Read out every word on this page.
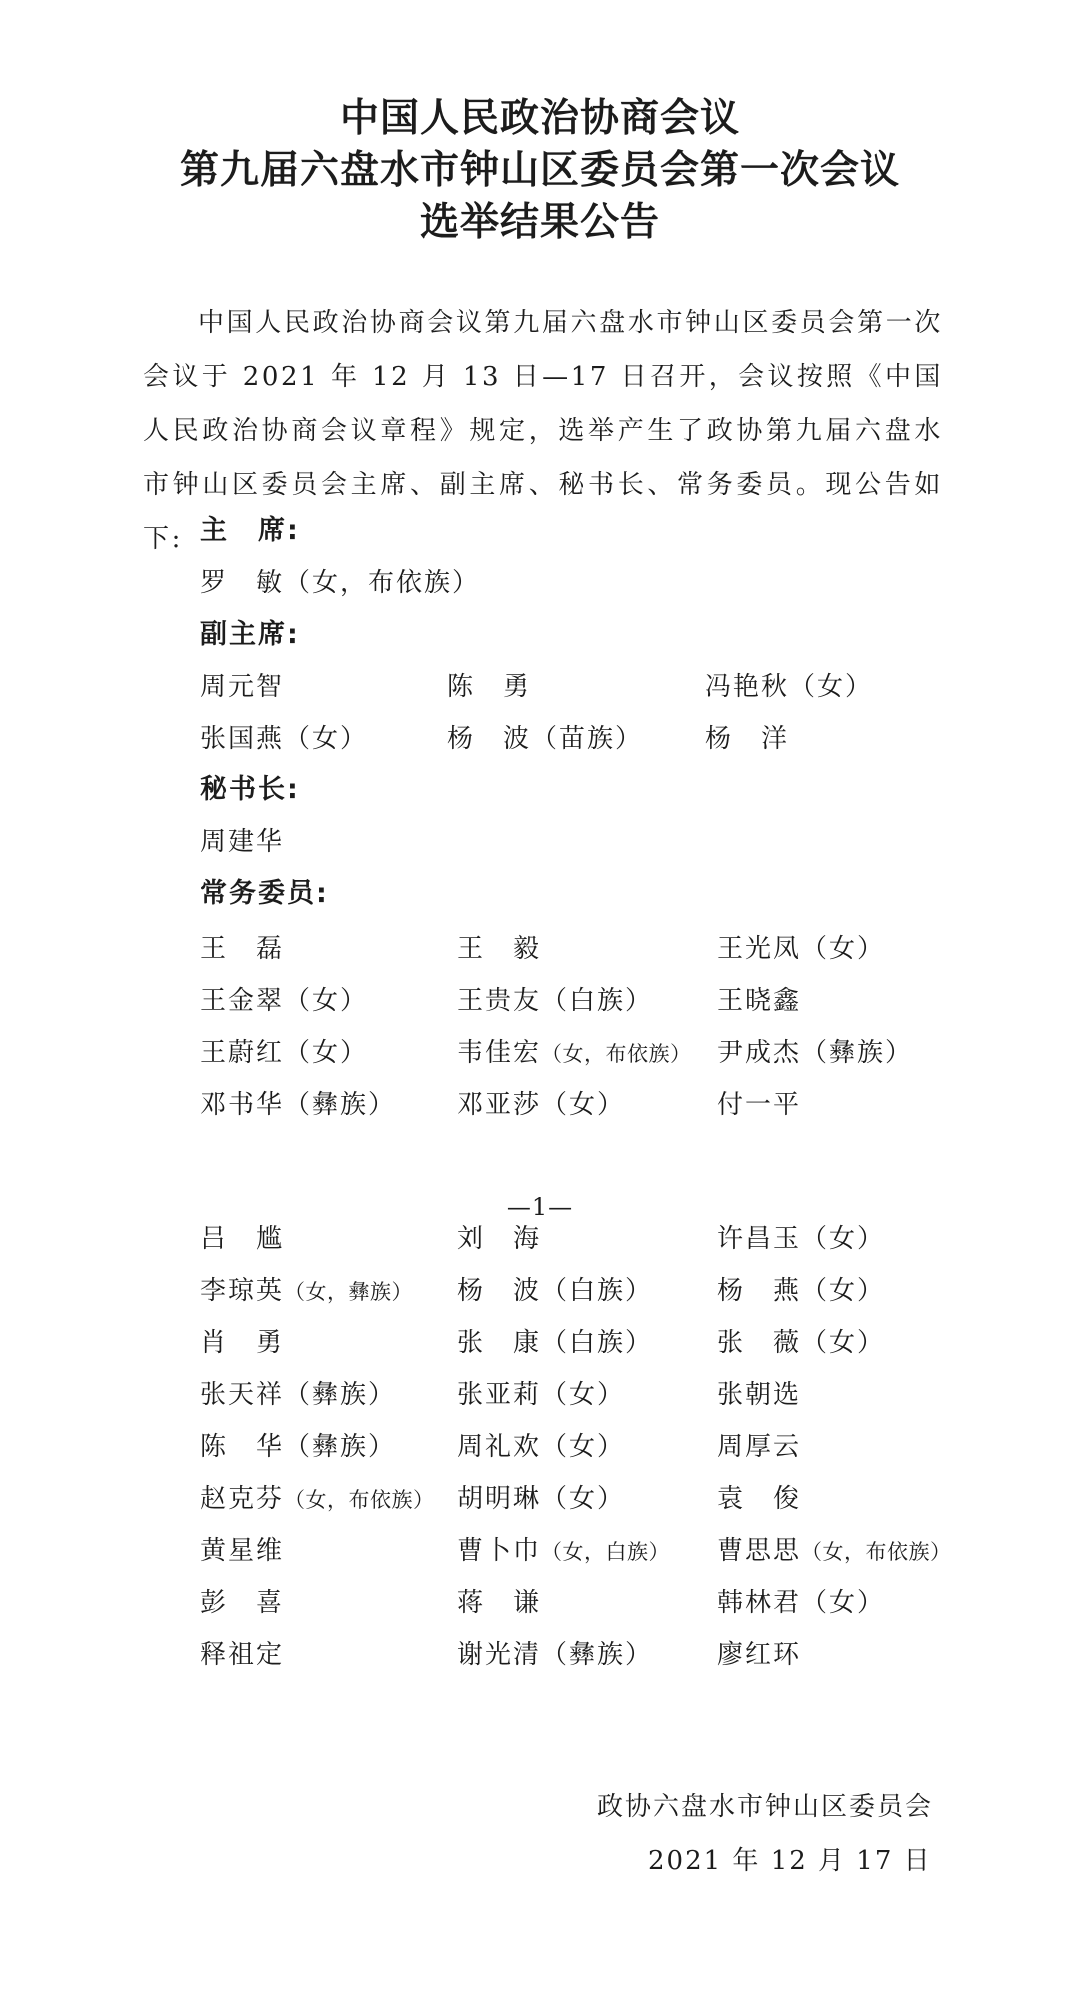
中国人民政治协商会议
第九届六盘水市钟山区委员会第一次会议
选举结果公告
中国人民政治协商会议第九届六盘水市钟山区委员会第一次会议于 2021 年 12 月 13 日—17 日召开，会议按照《中国人民政治协商会议章程》规定，选举产生了政协第九届六盘水市钟山区委员会主席、副主席、秘书长、常务委员。现公告如下: 主　席:
副主席:
秘书长:
常务委员:
罗　敏（女，布依族）
周元智	陈　勇	冯艳秋（女）
张国燕（女）	杨　波（苗族） 杨　洋
周建华
王　磊	王　毅	王光凤（女）
王金翠（女）	王贵友（白族） 王晓鑫
王蔚红（女）	韦佳宏（女，布依族） 尹成杰（彝族）
邓书华（彝族） 邓亚莎（女）	付一平
—1—
吕　尴	刘　海	许昌玉（女）
李琼英（女，彝族） 杨　波（白族） 杨　燕（女）
肖　勇	张　康（白族） 张　薇（女）
张天祥（彝族） 张亚莉（女）	张朝选
陈　华（彝族） 周礼欢（女）	周厚云
赵克芬（女，布依族） 胡明琳（女）	袁　俊
黄星维	曹卜巾（女，白族） 曹思思（女，布依族）
彭　喜	蒋　谦	韩林君（女）
释祖定	谢光清（彝族） 廖红环
政协六盘水市钟山区委员会
2021 年 12 月 17 日
